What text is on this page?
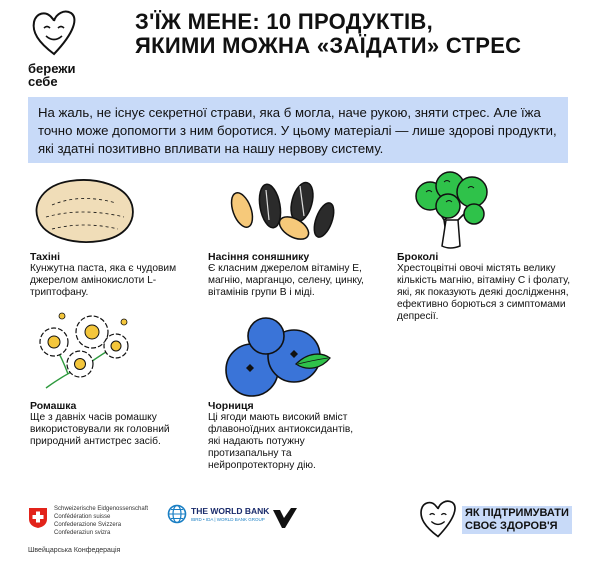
бережи
себе
З'ЇЖ МЕНЕ: 10 ПРОДУКТІВ,
ЯКИМИ МОЖНА «ЗАЇДАТИ» СТРЕС
На жаль, не існує секретної страви, яка б могла, наче рукою, зняти стрес. Але їжа точно може допомогти з ним боротися. У цьому матеріалі — лише здорові продукти, які здатні позитивно впливати на нашу нервову систему.
Тахіні
Кунжутна паста, яка є чудовим джерелом амінокислоти L-триптофану.
Насіння соняшнику
Є класним джерелом вітаміну Е, магнію, марганцю, селену, цинку, вітамінів групи В і міді.
Броколі
Хрестоцвітні овочі містять велику кількість магнію, вітаміну С і фолату, які, як показують деякі дослідження, ефективно борються з симптомами депресії.
Ромашка
Ще з давніх часів ромашку використовували як головний природний антистрес засіб.
Чорниця
Ці ягоди мають високий вміст флавоноїдних антиоксидантів, які надають потужну протизапальну та нейропротекторну дію.
Schweizerische Eidgenossenschaft
Confédération suisse
Confederazione Svizzera
Confederaziun svizra
Швейцарська Конфедерація
THE WORLD BANK
IBRD • IDA | WORLD BANK GROUP
ЯК ПІДТРИМУВАТИ
СВОЄ ЗДОРОВ'Я
